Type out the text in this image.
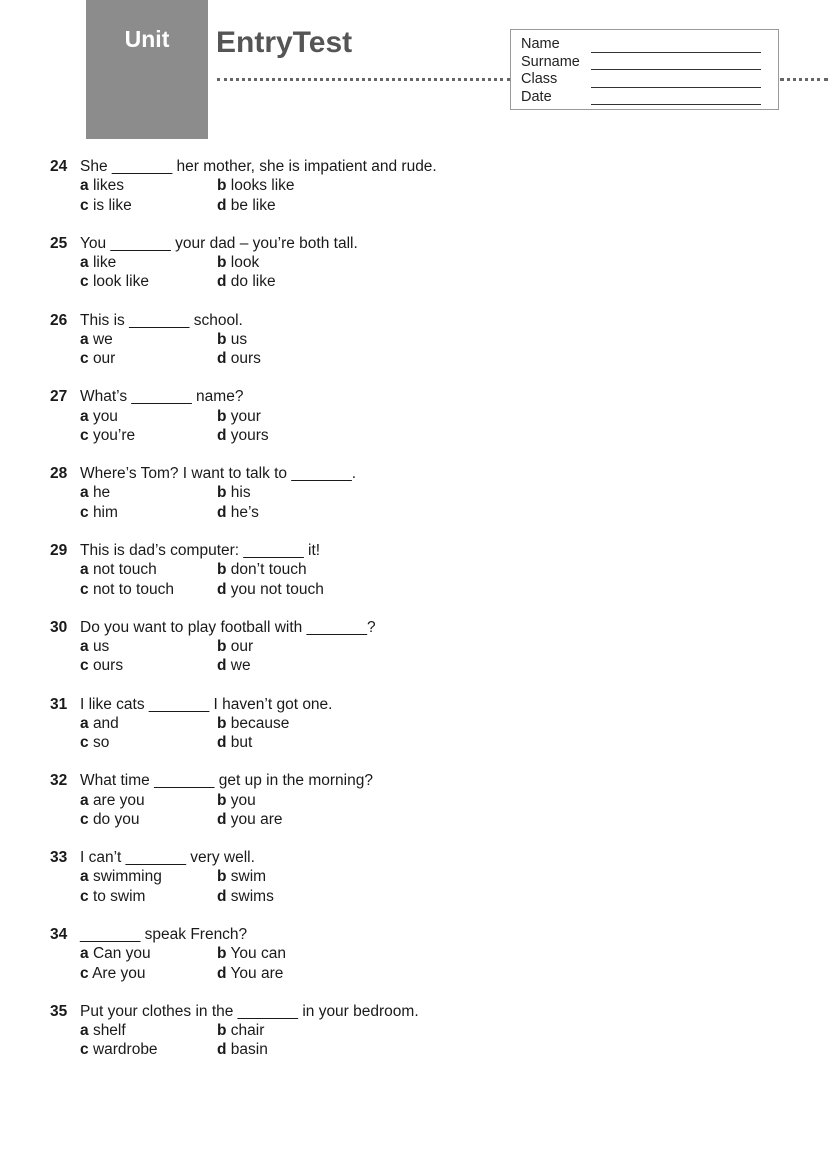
Unit	EntryTest	Name
Surname
Class
Date
24 She _______ her mother, she is impatient and rude.
a likes	b looks like
c is like	d be like
25 You _______ your dad – you’re both tall.
a like	b look
c look like	d do like
26 This is _______ school.
a we	b us
c our	d ours
27 What’s _______ name?
a you	b your
c you’re	d yours
28 Where’s Tom? I want to talk to _______.
a he	b his
c him	d he’s
29 This is dad’s computer: _______ it!
a not touch	b don’t touch
c not to touch	d you not touch
30 Do you want to play football with _______?
a us	b our
c ours	d we
31 I like cats _______ I haven’t got one.
a and	b because
c so	d but
32 What time _______ get up in the morning?
a are you	b you
c do you	d you are
33 I can’t _______ very well.
a swimming	b swim
c to swim	d swims
34 _______ speak French?
a Can you	b You can
c Are you	d You are
35 Put your clothes in the _______ in your bedroom.
a shelf	b chair
c wardrobe	d basin
